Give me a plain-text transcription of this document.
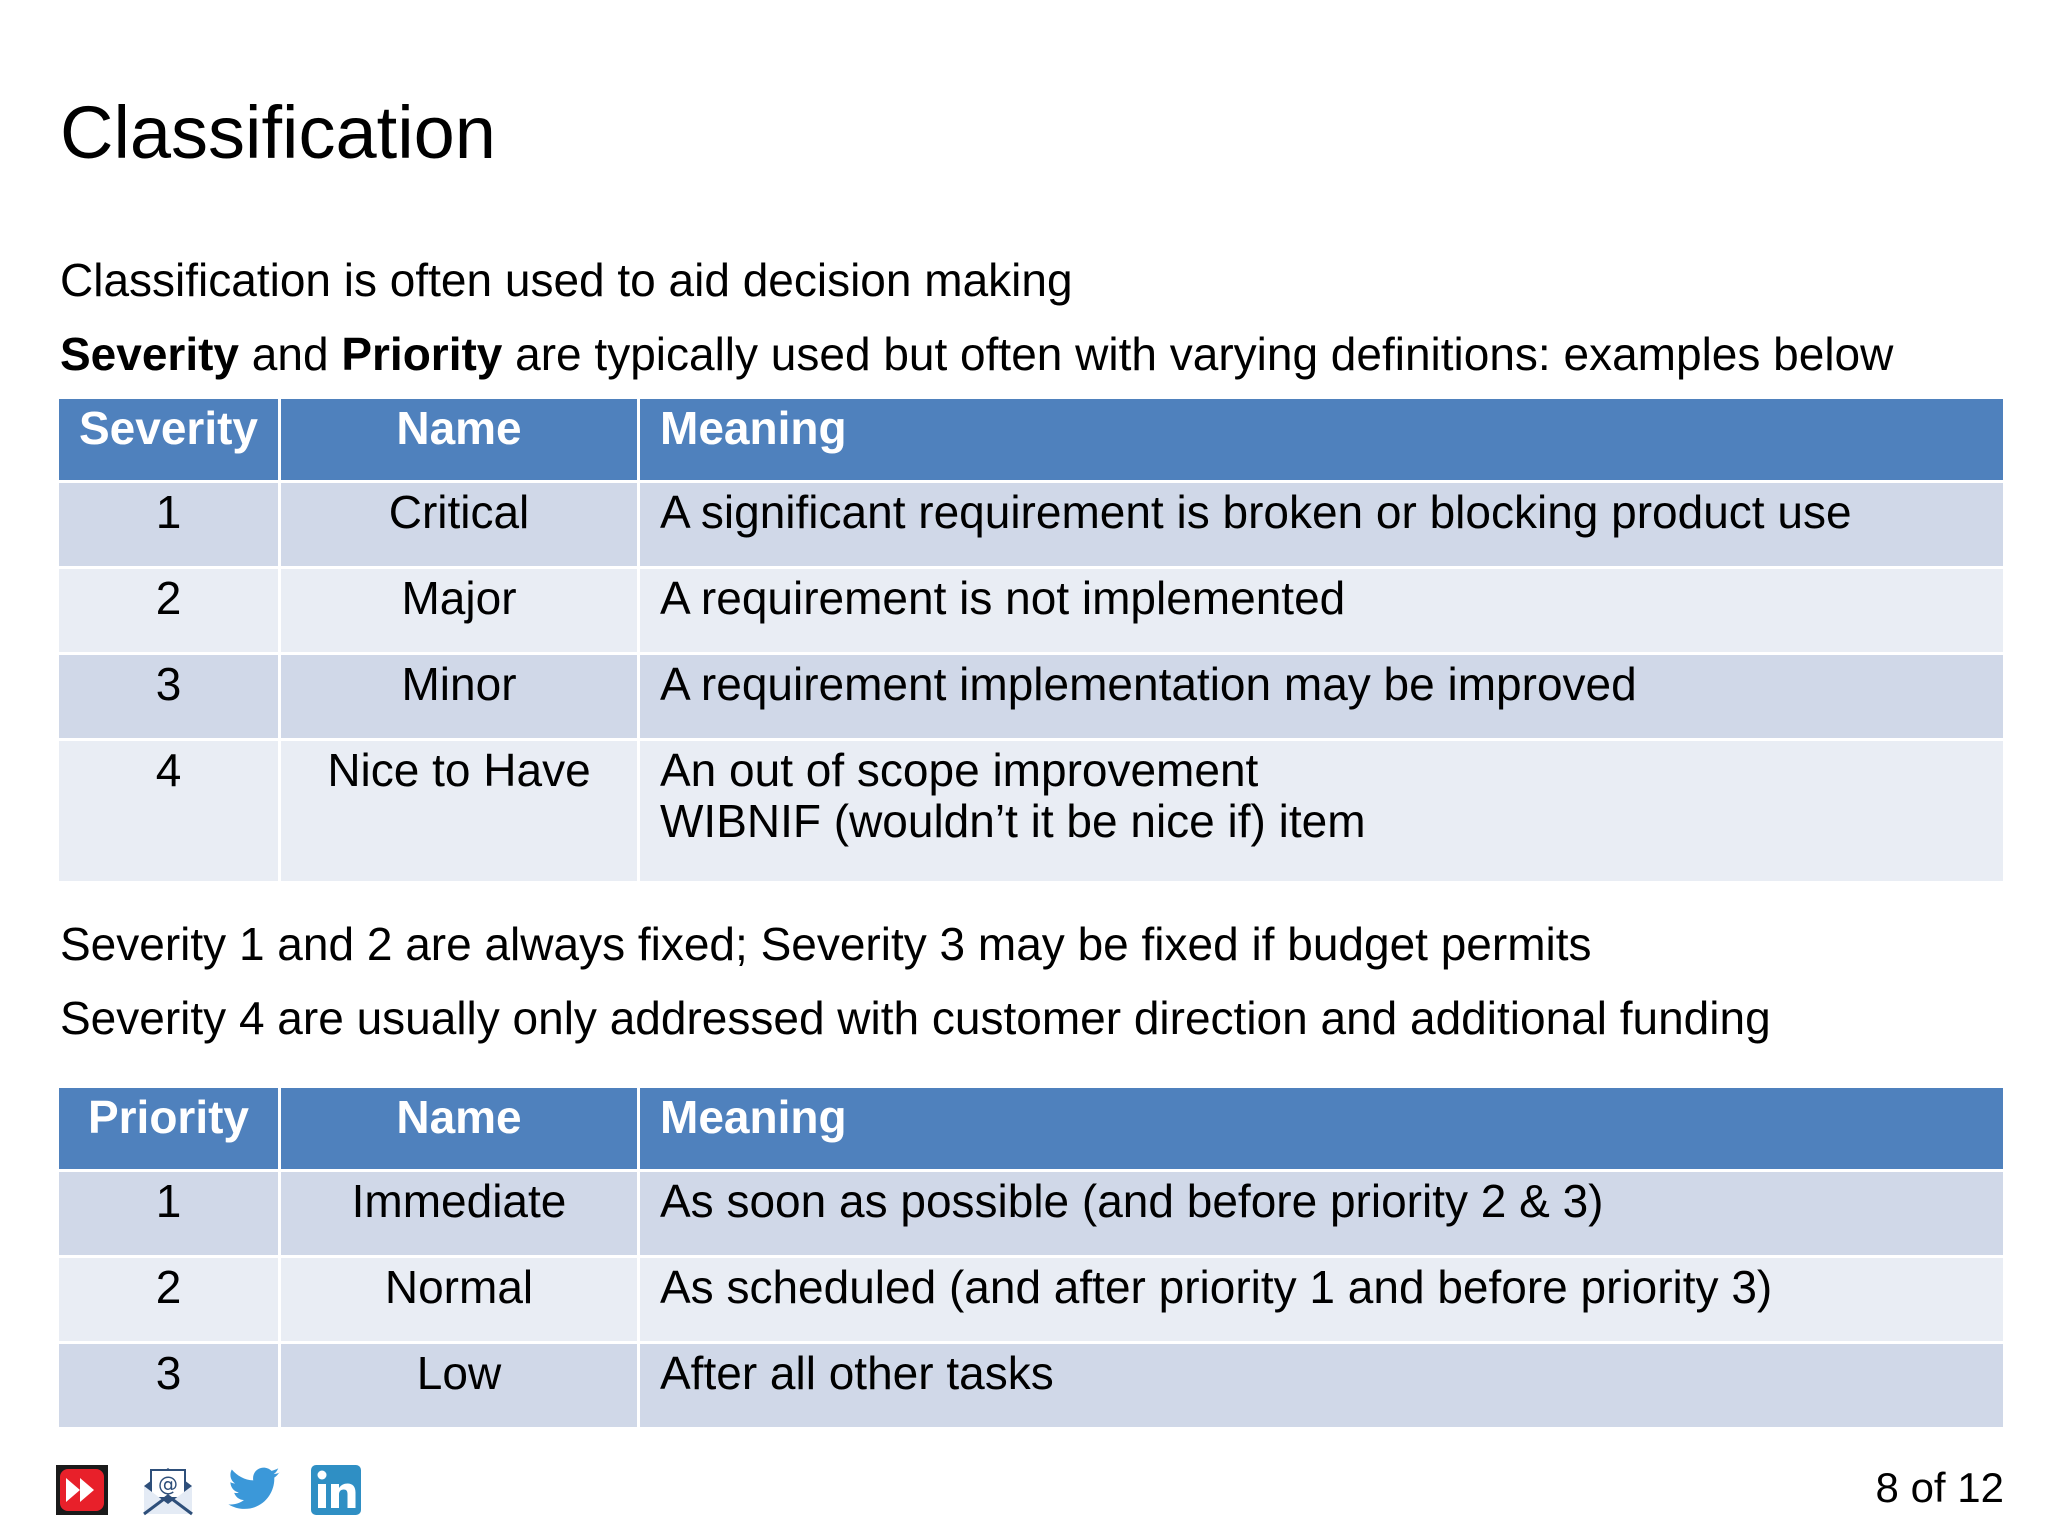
Classification
Classification is often used to aid decision making
Severity and Priority are typically used but often with varying definitions: examples below
Severity	Name	Meaning
1	Critical	A significant requirement is broken or blocking product use
2	Major	A requirement is not implemented
3	Minor	A requirement implementation may be improved
4	Nice to Have	An out of scope improvement
WIBNIF (wouldn’t it be nice if) item
Severity 1 and 2 are always fixed; Severity 3 may be fixed if budget permits
Severity 4 are usually only addressed with customer direction and additional funding
Priority	Name	Meaning
1	Immediate	As soon as possible (and before priority 2 & 3)
2	Normal	As scheduled (and after priority 1 and before priority 3)
3	Low	After all other tasks
@	8 of 12
